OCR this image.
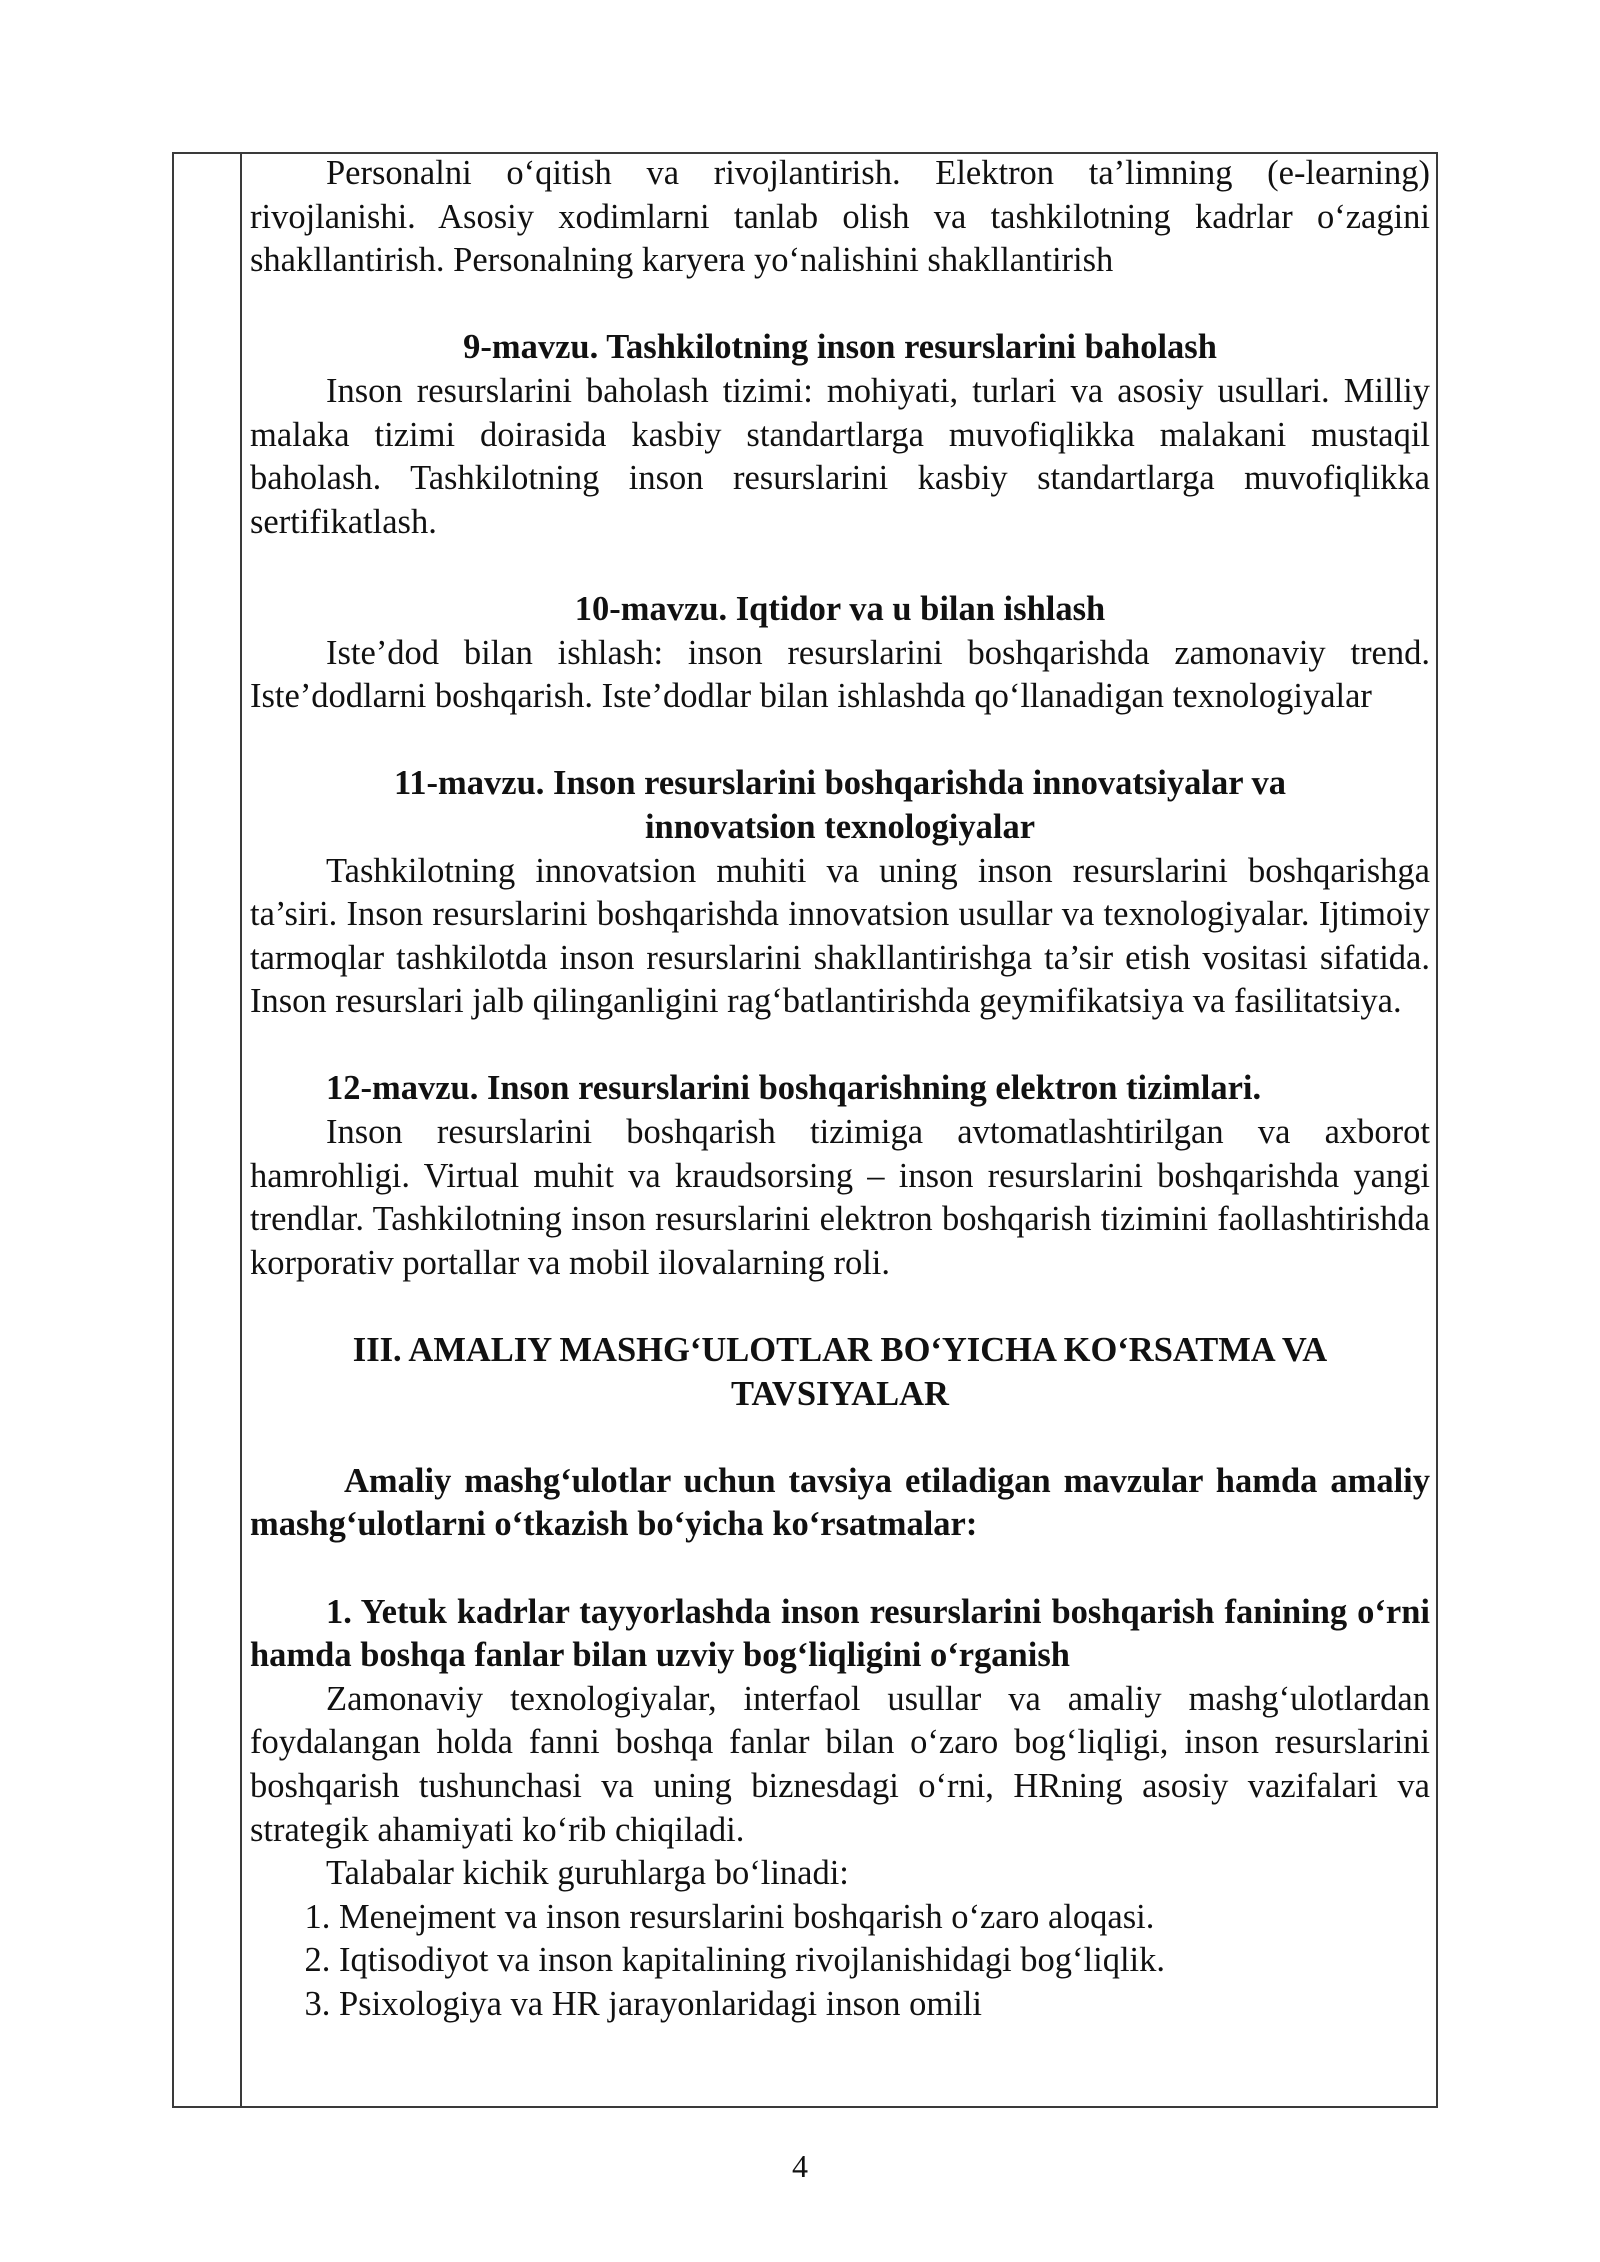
Personalni o‘qitish va rivojlantirish. Elektron ta’limning (e-learning) rivojlanishi. Asosiy xodimlarni tanlab olish va tashkilotning kadrlar o‘zagini shakllantirish. Personalning karyera yo‘nalishini shakllantirish

9-mavzu. Tashkilotning inson resurslarini baholash

Inson resurslarini baholash tizimi: mohiyati, turlari va asosiy usullari. Milliy malaka tizimi doirasida kasbiy standartlarga muvofiqlikka malakani mustaqil baholash. Tashkilotning inson resurslarini kasbiy standartlarga muvofiqlikka sertifikatlash.

10-mavzu. Iqtidor va u bilan ishlash

Iste’dod bilan ishlash: inson resurslarini boshqarishda zamonaviy trend. Iste’dodlarni boshqarish. Iste’dodlar bilan ishlashda qo‘llanadigan texnologiyalar

11-mavzu. Inson resurslarini boshqarishda innovatsiyalar va

innovatsion texnologiyalar

Tashkilotning innovatsion muhiti va uning inson resurslarini boshqarishga ta’siri. Inson resurslarini boshqarishda innovatsion usullar va texnologiyalar. Ijtimoiy tarmoqlar tashkilotda inson resurslarini shakllantirishga ta’sir etish vositasi sifatida. Inson resurslari jalb qilinganligini rag‘batlantirishda geymifikatsiya va fasilitatsiya.

12-mavzu. Inson resurslarini boshqarishning elektron tizimlari.

Inson resurslarini boshqarish tizimiga avtomatlashtirilgan va axborot hamrohligi. Virtual muhit va kraudsorsing – inson resurslarini boshqarishda yangi trendlar. Tashkilotning inson resurslarini elektron boshqarish tizimini faollashtirishda korporativ portallar va mobil ilovalarning roli.

III. AMALIY MASHG‘ULOTLAR BO‘YICHA KO‘RSATMA VA

TAVSIYALAR

Amaliy mashg‘ulotlar uchun tavsiya etiladigan mavzular hamda amaliy mashg‘ulotlarni o‘tkazish bo‘yicha ko‘rsatmalar:

1. Yetuk kadrlar tayyorlashda inson resurslarini boshqarish fanining o‘rni hamda boshqa fanlar bilan uzviy bog‘liqligini o‘rganish

Zamonaviy texnologiyalar, interfaol usullar va amaliy mashg‘ulotlardan foydalangan holda fanni boshqa fanlar bilan o‘zaro bog‘liqligi, inson resurslarini boshqarish tushunchasi va uning biznesdagi o‘rni, HRning asosiy vazifalari va strategik ahamiyati ko‘rib chiqiladi.

Talabalar kichik guruhlarga bo‘linadi:

1. Menejment va inson resurslarini boshqarish o‘zaro aloqasi.
2. Iqtisodiyot va inson kapitalining rivojlanishidagi bog‘liqlik.
3. Psixologiya va HR jarayonlaridagi inson omili
4
